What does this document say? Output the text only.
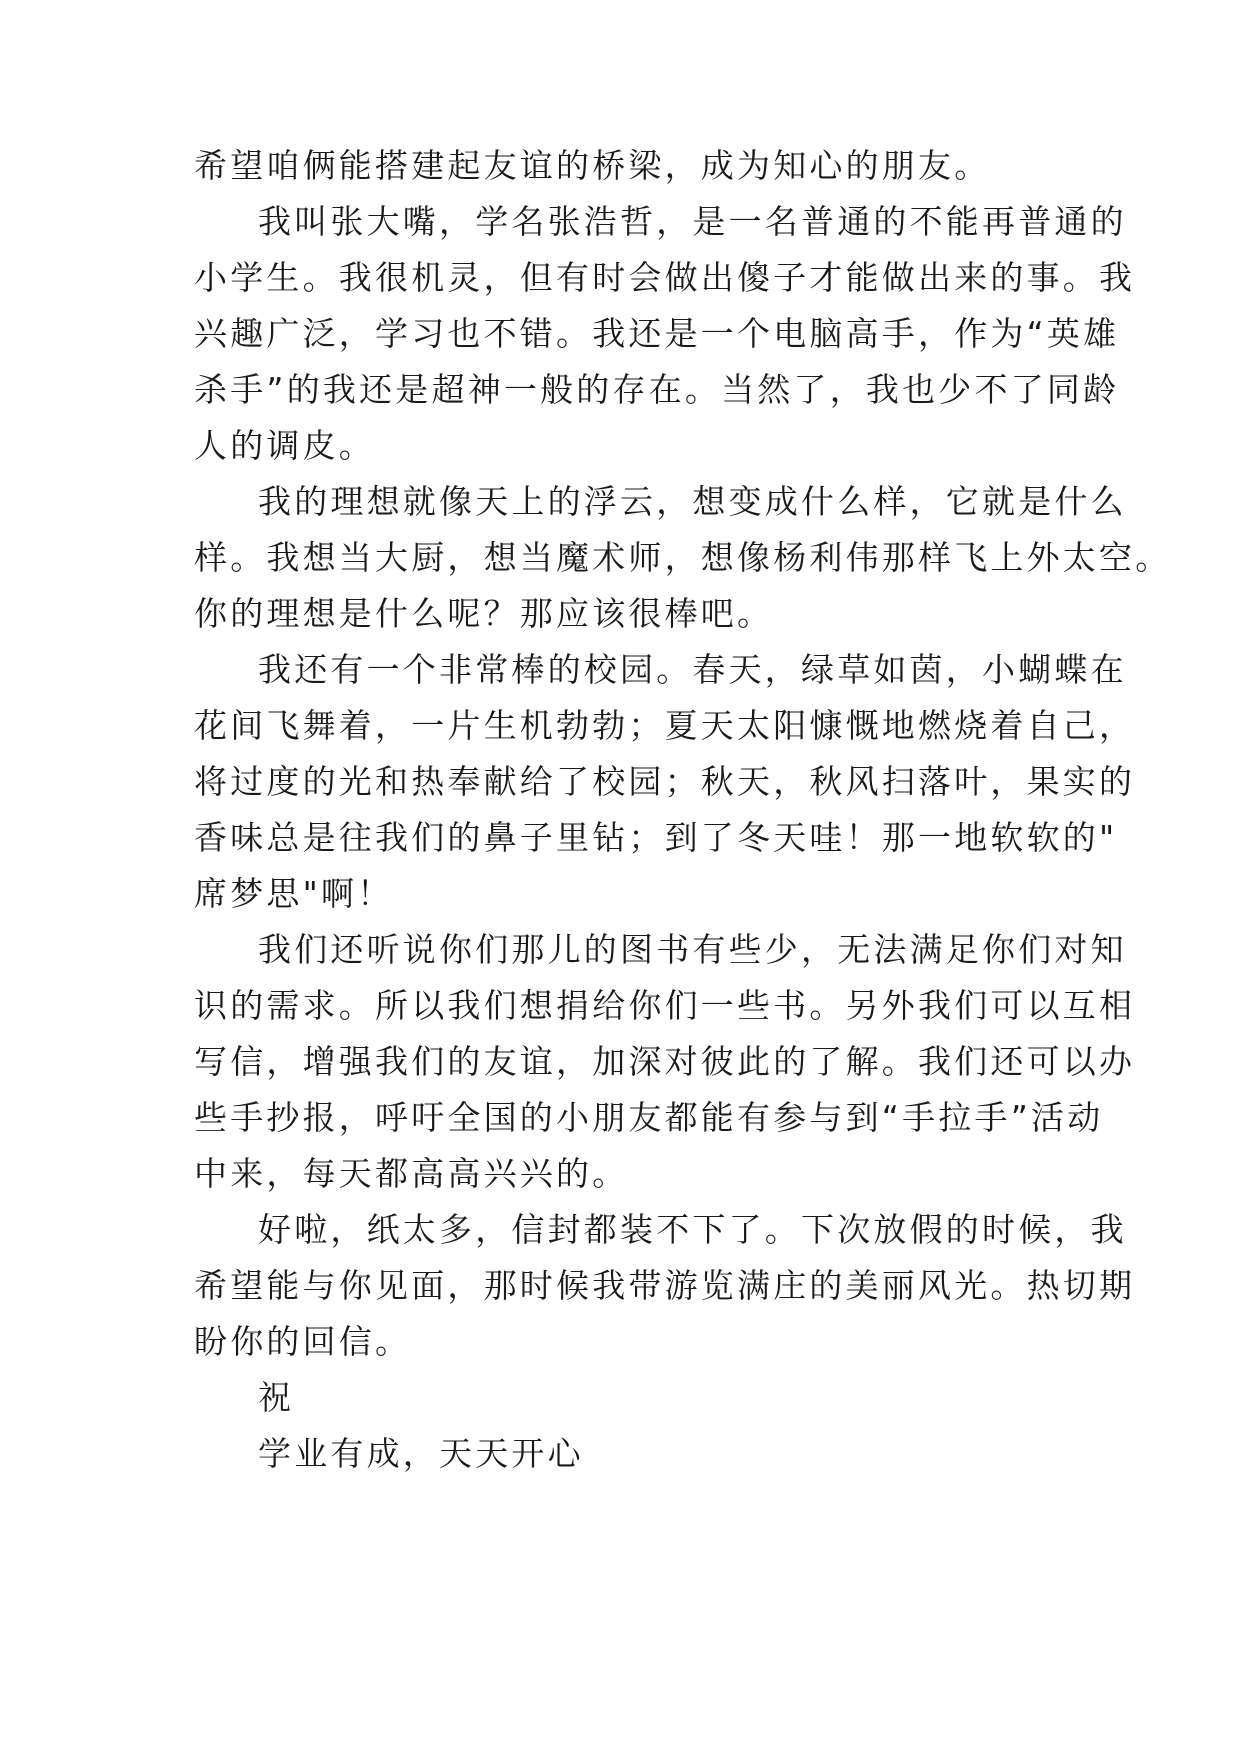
希望咱俩能搭建起友谊的桥梁，成为知心的朋友。
我叫张大嘴，学名张浩哲，是一名普通的不能再普通的
小学生。我很机灵，但有时会做出傻子才能做出来的事。我
兴趣广泛，学习也不错。我还是一个电脑高手，作为“英雄
杀手”的我还是超神一般的存在。当然了，我也少不了同龄
人的调皮。
我的理想就像天上的浮云，想变成什么样，它就是什么
样。我想当大厨，想当魔术师，想像杨利伟那样飞上外太空。
你的理想是什么呢？那应该很棒吧。
我还有一个非常棒的校园。春天，绿草如茵，小蝴蝶在
花间飞舞着，一片生机勃勃；夏天太阳慷慨地燃烧着自己，
将过度的光和热奉献给了校园；秋天，秋风扫落叶，果实的
香味总是往我们的鼻子里钻；到了冬天哇！那一地软软的"
席梦思"啊！
我们还听说你们那儿的图书有些少，无法满足你们对知
识的需求。所以我们想捐给你们一些书。另外我们可以互相
写信，增强我们的友谊，加深对彼此的了解。我们还可以办
些手抄报，呼吁全国的小朋友都能有参与到“手拉手”活动
中来，每天都高高兴兴的。
好啦，纸太多，信封都装不下了。下次放假的时候，我
希望能与你见面，那时候我带游览满庄的美丽风光。热切期
盼你的回信。
祝
学业有成，天天开心
